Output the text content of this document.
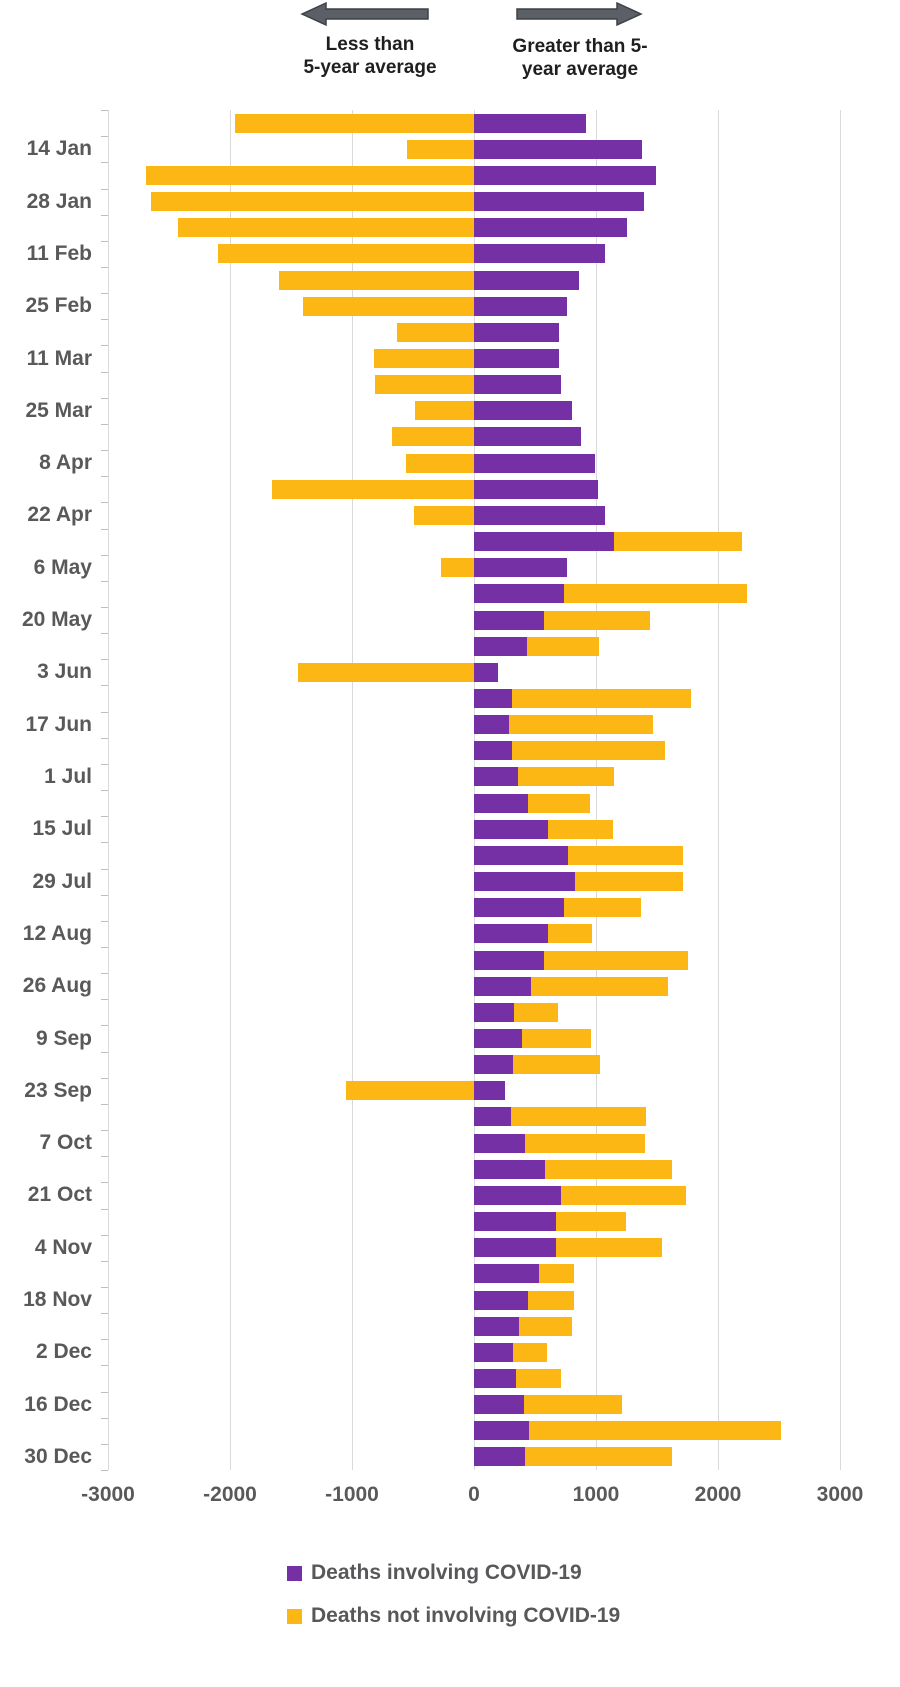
Less than
5-year average
Greater than 5-
year average
14 Jan
28 Jan
11 Feb
25 Feb
11 Mar
25 Mar
8 Apr
22 Apr
6 May
20 May
3 Jun
17 Jun
1 Jul
15 Jul
29 Jul
12 Aug
26 Aug
9 Sep
23 Sep
7 Oct
21 Oct
4 Nov
18 Nov
2 Dec
16 Dec
30 Dec
-3000	-2000	-1000	0	1000	2000	3000
Deaths involving COVID-19
Deaths not involving COVID-19
